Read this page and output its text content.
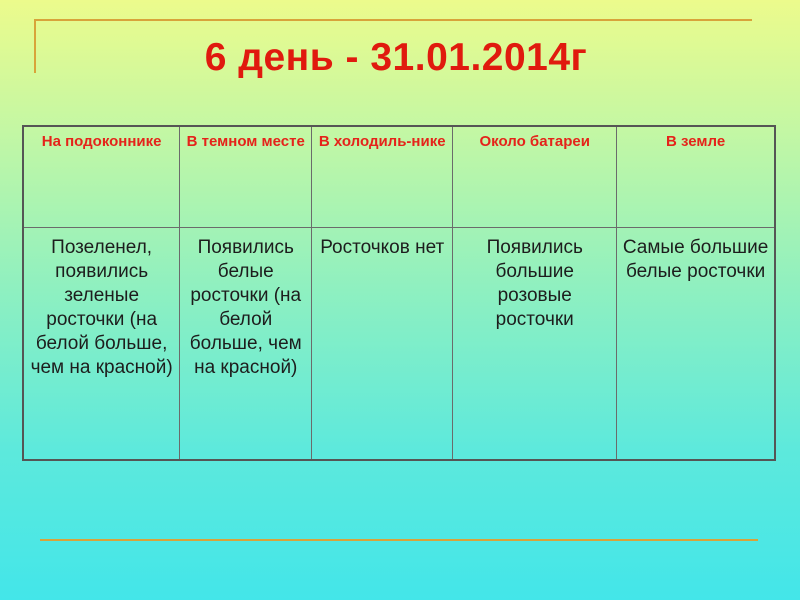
6 день - 31.01.2014г
На подоконнике	В темном месте	В холодиль-нике	Около батареи	В земле
Позеленел, появились зеленые росточки (на белой больше, чем на красной)	Появились белые росточки (на белой больше, чем на красной)	Росточков нет	Появились большие розовые росточки	Самые большие белые росточки
